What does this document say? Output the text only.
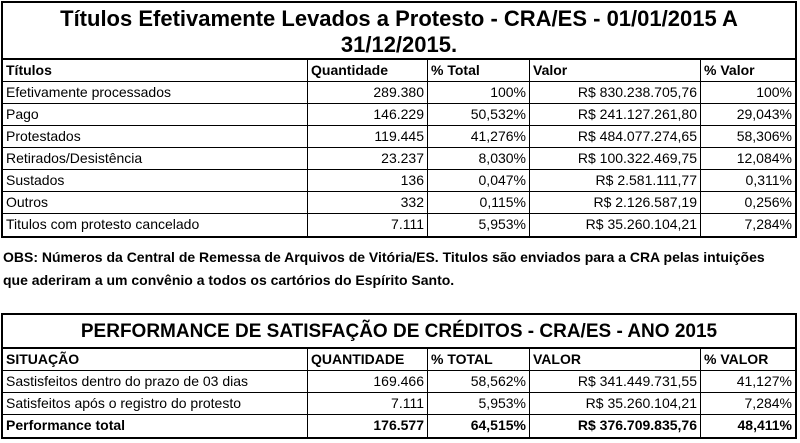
Títulos Efetivamente Levados a Protesto - CRA/ES - 01/01/2015 A 31/12/2015.
Títulos	Quantidade	% Total	Valor	% Valor
Efetivamente processados	289.380	100%	R$ 830.238.705,76	100%
Pago	146.229	50,532%	R$ 241.127.261,80	29,043%
Protestados	119.445	41,276%	R$ 484.077.274,65	58,306%
Retirados/Desistência	23.237	8,030%	R$ 100.322.469,75	12,084%
Sustados	136	0,047%	R$ 2.581.111,77	0,311%
Outros	332	0,115%	R$ 2.126.587,19	0,256%
Titulos com protesto cancelado	7.111	5,953%	R$ 35.260.104,21	7,284%
OBS: Números da Central de Remessa de Arquivos de Vitória/ES. Titulos são enviados para a CRA pelas intuições que aderiram a um convênio a todos os cartórios do Espírito Santo.
PERFORMANCE DE SATISFAÇÃO DE CRÉDITOS - CRA/ES - ANO 2015
SITUAÇÃO	QUANTIDADE	% TOTAL	VALOR	% VALOR
Sastisfeitos dentro do prazo de 03 dias	169.466	58,562%	R$ 341.449.731,55	41,127%
Satisfeitos após o registro do protesto	7.111	5,953%	R$ 35.260.104,21	7,284%
Performance total	176.577	64,515%	R$ 376.709.835,76	48,411%
